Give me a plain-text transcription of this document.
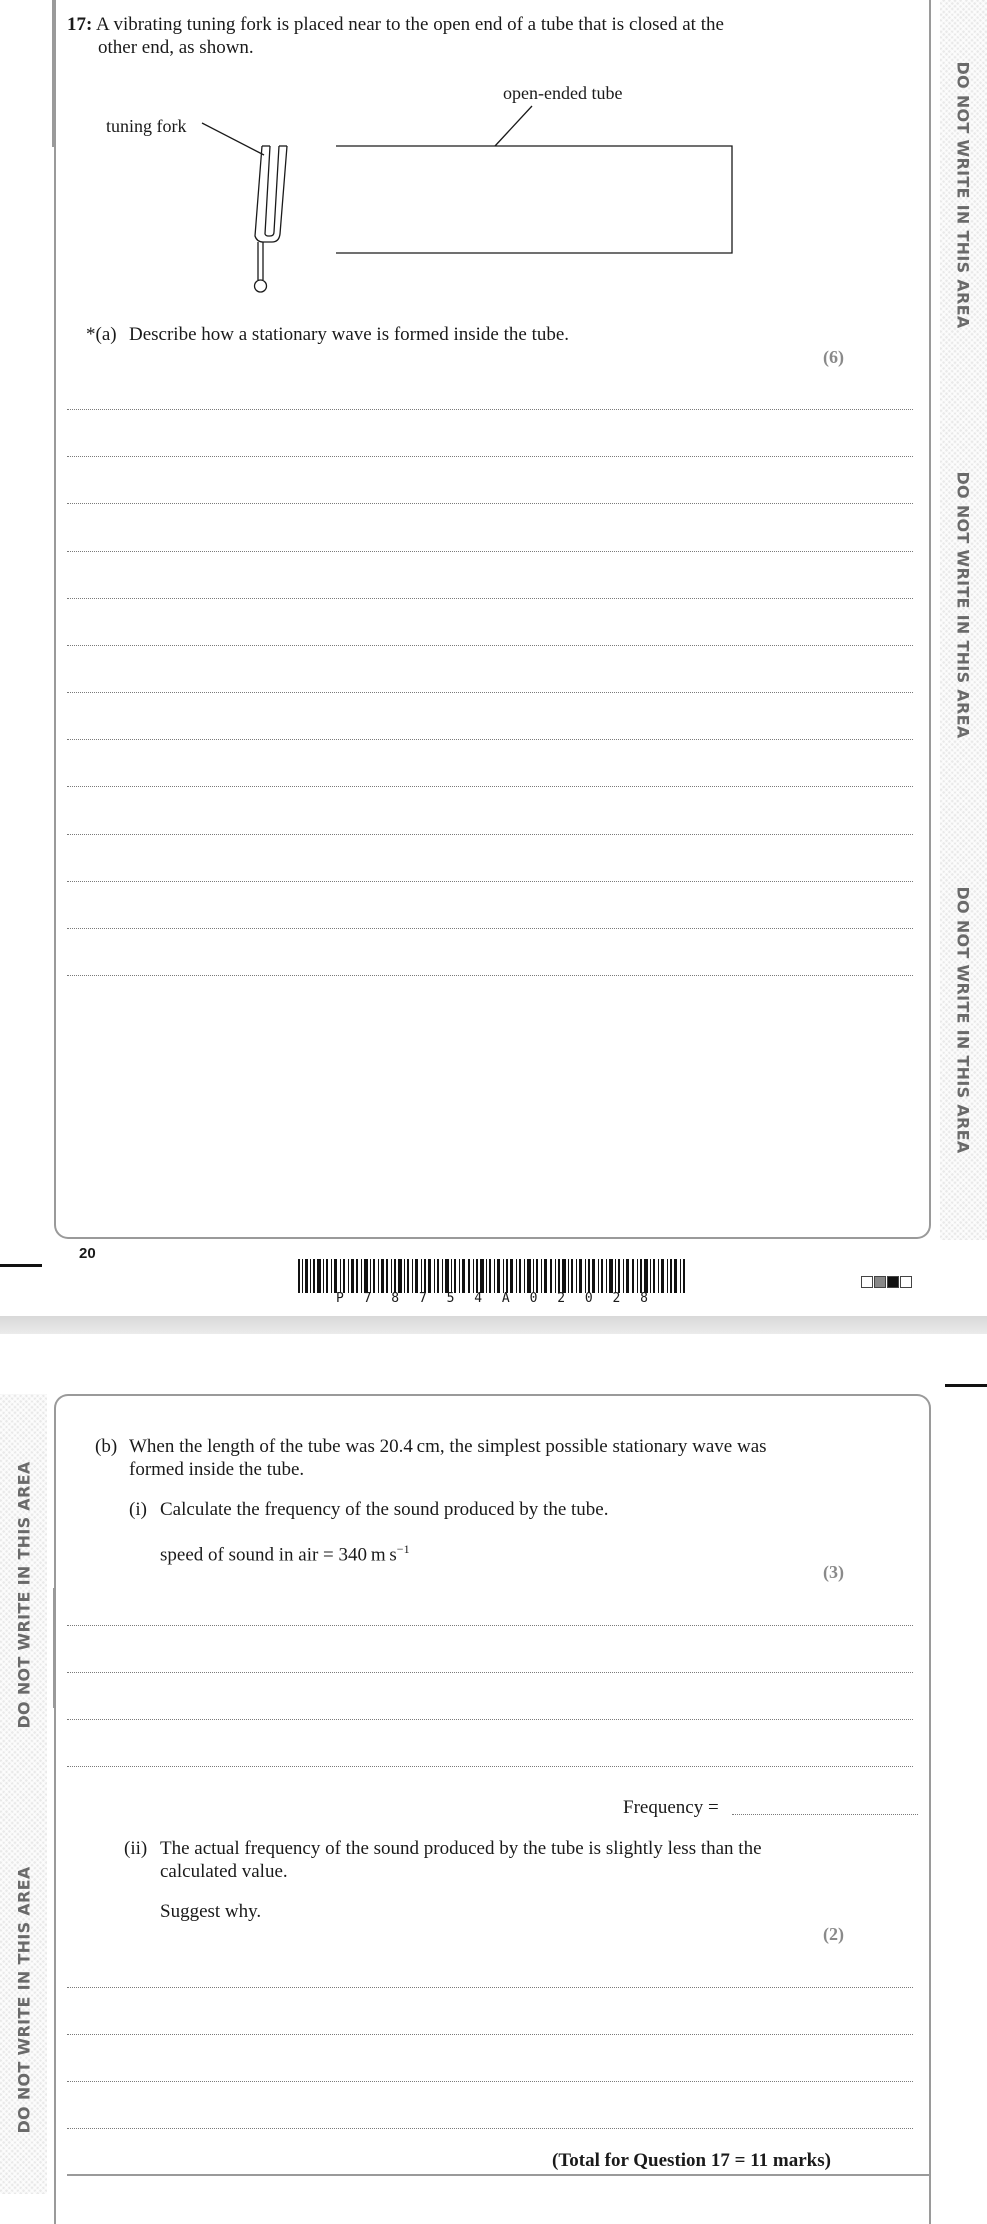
DO NOT WRITE IN THIS AREA
DO NOT WRITE IN THIS AREA
DO NOT WRITE IN THIS AREA
17: A vibrating tuning fork is placed near to the open end of a tube that is closed at the
other end, as shown.
open-ended tube
tuning fork
*(a) Describe how a stationary wave is formed inside the tube.
(6)
20
P 7 8 7 5 4 A 0 2 0 2 8
DO NOT WRITE IN THIS AREA
DO NOT WRITE IN THIS AREA
(b) When the length of the tube was 20.4 cm, the simplest possible stationary wave was
formed inside the tube.
(i) Calculate the frequency of the sound produced by the tube.
speed of sound in air = 340 m $s^{-1}$
(3)
Frequency =
(ii) The actual frequency of the sound produced by the tube is slightly less than the
calculated value.
Suggest why.
(2)
(Total for Question 17 = 11 marks)
